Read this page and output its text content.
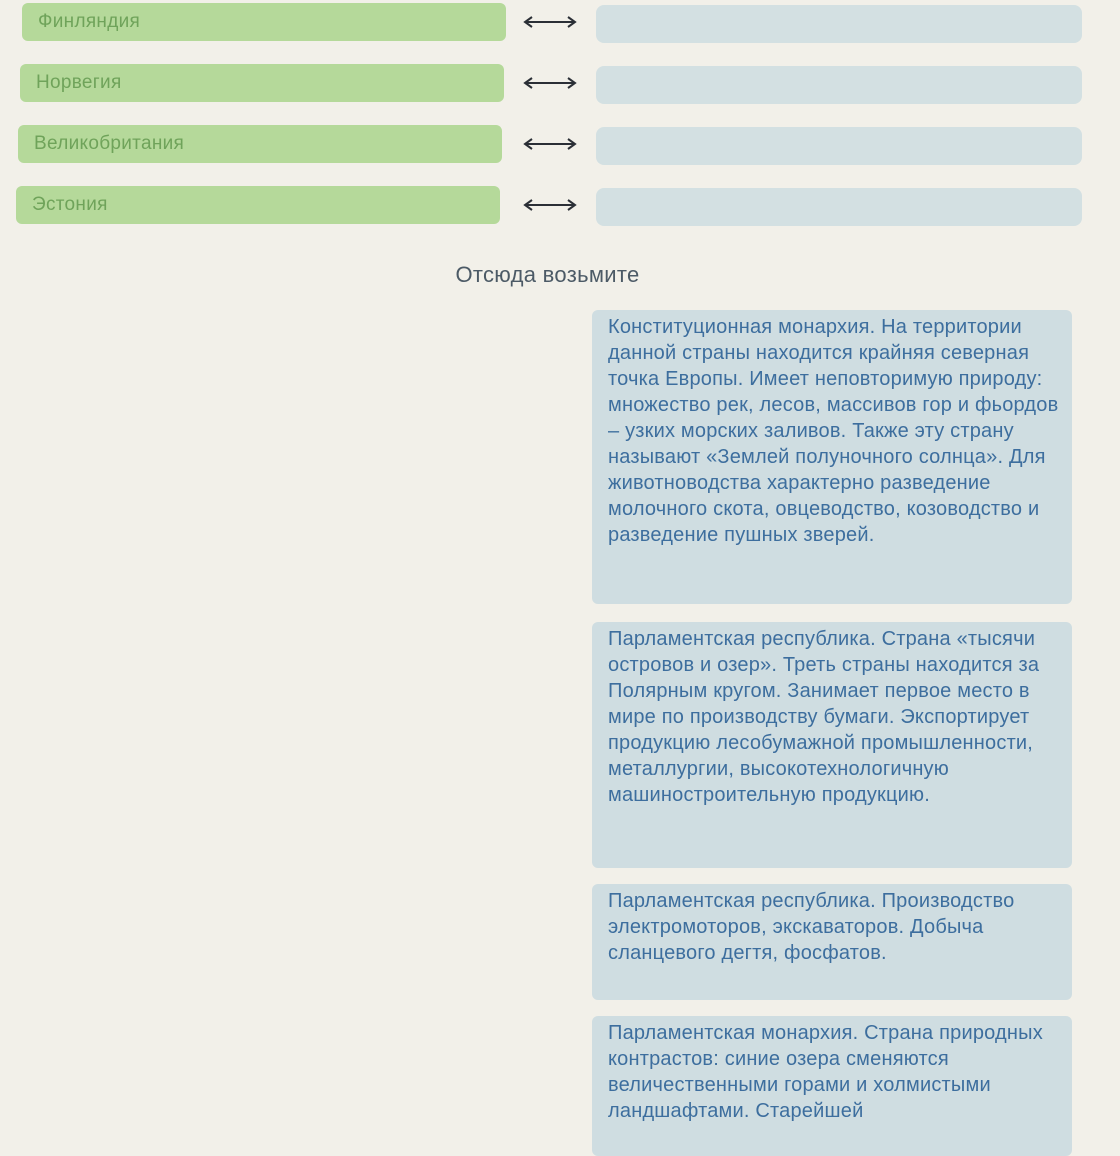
Финляндия
Норвегия
Великобритания
Эстония
Отсюда возьмите
Конституционная монархия. На территории данной страны находится крайняя северная точка Европы. Имеет неповторимую природу: множество рек, лесов, массивов гор и фьордов – узких морских заливов. Также эту страну называют «Землей полуночного солнца». Для животноводства характерно разведение молочного скота, овцеводство, козоводство и разведение пушных зверей.
Парламентская республика. Страна «тысячи островов и озер». Треть страны находится за Полярным кругом. Занимает первое место в мире по производству бумаги. Экспортирует продукцию лесобумажной промышленности, металлургии, высокотехнологичную машиностроительную продукцию.
Парламентская республика. Производство электромоторов, экскаваторов. Добыча сланцевого дегтя, фосфатов.
Парламентская монархия. Страна природных контрастов: синие озера сменяются величественными горами и холмистыми ландшафтами. Старейшей
